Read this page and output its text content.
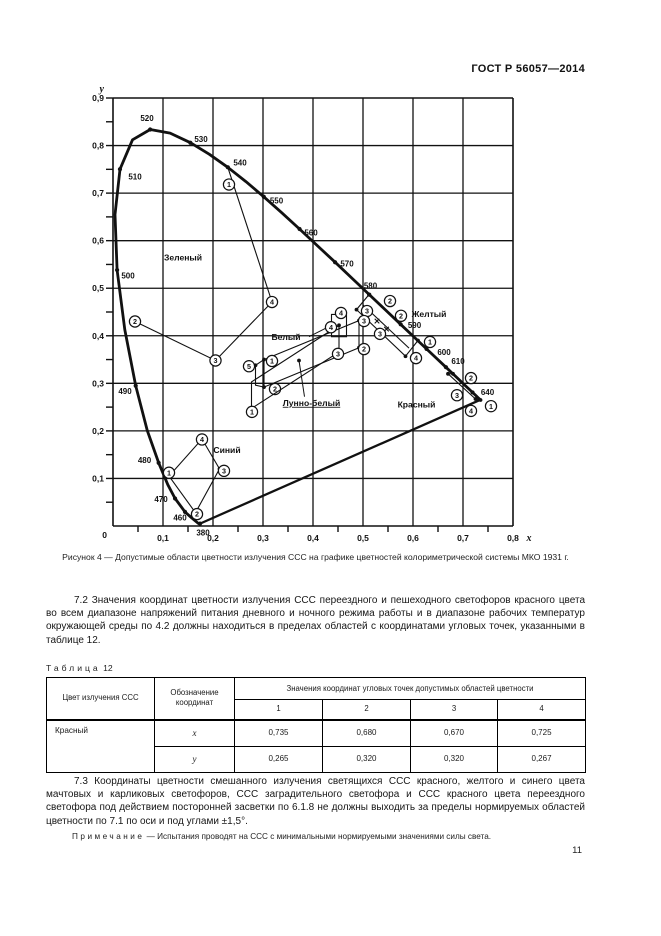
ГОСТ Р 56057—2014
0,1
0,2
0,3
0,4
0,5
0,6
0,7
0,8
0,9
0,1	0,2	0,3	0,4	0,5	0,6	0,7	0,8
0
у
х
Зеленый
1
2
3
4
Желтый
2
3
2
3
1
4
Белый
5
1
2
4
3
2
Лунно-белый
1
4
3
Красный
2
3
1
4
Синий
1
2
3
4
520
530
540
510
550
560
570
580
590
600
610
640
500
490
480
470
460
380
Рисунок 4 — Допустимые области цветности излучения ССС на графике цветностей колориметрической системы МКО 1931 г.
7.2 Значения координат цветности излучения ССС переездного и пешеходного светофоров красного цвета во всем диапазоне напряжений питания дневного и ночного режима работы и в диапазоне рабочих температур окружающей среды по 4.2 должны находиться в пределах областей с координатами угловых точек, указанными в таблице 12.
Таблица 12
Цвет излучения ССС	Обозначение координат	Значения координат угловых точек допустимых областей цветности			
		1	2	3	4
Красный	x	0,735	0,680	0,670	0,725
	y	0,265	0,320	0,320	0,267
7.3 Координаты цветности смешанного излучения светящихся ССС красного, желтого и синего цвета мачтовых и карликовых светофоров, ССС заградительного светофора и ССС красного цвета переездного светофора под действием посторонней засветки по 6.1.8 не должны выходить за пределы нормируемых областей цветности по 7.1 по оси и под углами ±1,5°.
Примечание — Испытания проводят на ССС с минимальными нормируемыми значениями силы света.
11
